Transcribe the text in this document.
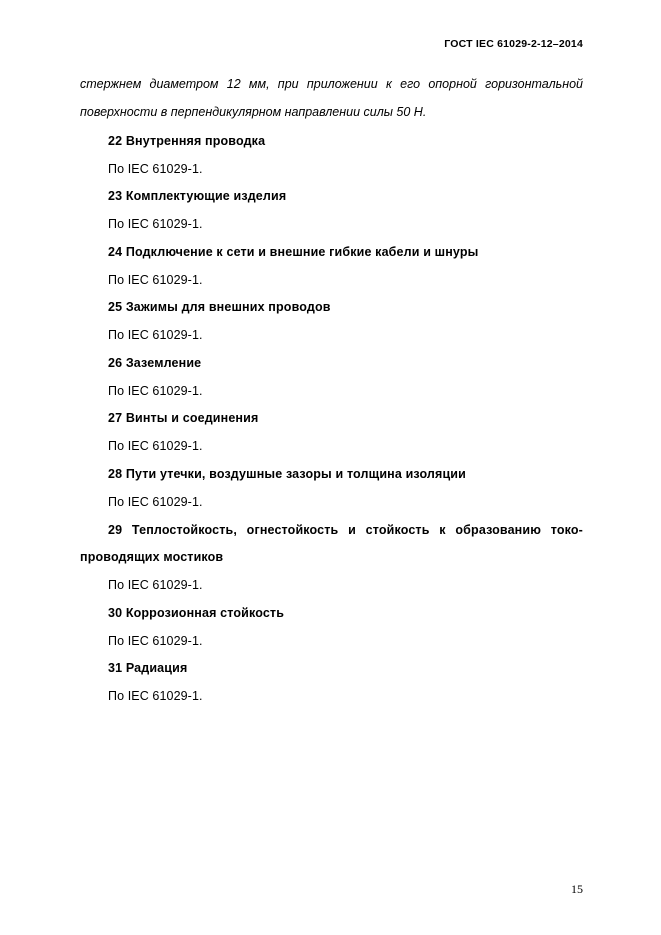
ГОСТ IEC 61029-2-12–2014
стержнем диаметром 12 мм, при приложении к его опорной горизонтальной
поверхности в перпендикулярном направлении силы 50 Н.
22 Внутренняя проводка
По IEC 61029-1.
23 Комплектующие изделия
По IEC 61029-1.
24 Подключение к сети и внешние гибкие кабели и шнуры
По IEC 61029-1.
25 Зажимы для внешних проводов
По IEC 61029-1.
26 Заземление
По IEC 61029-1.
27 Винты и соединения
По IEC 61029-1.
28 Пути утечки, воздушные зазоры и толщина изоляции
По IEC 61029-1.
29 Теплостойкость, огнестойкость и стойкость к образованию токо-
проводящих мостиков
По IEC 61029-1.
30 Коррозионная стойкость
По IEC 61029-1.
31 Радиация
По IEC 61029-1.
15
